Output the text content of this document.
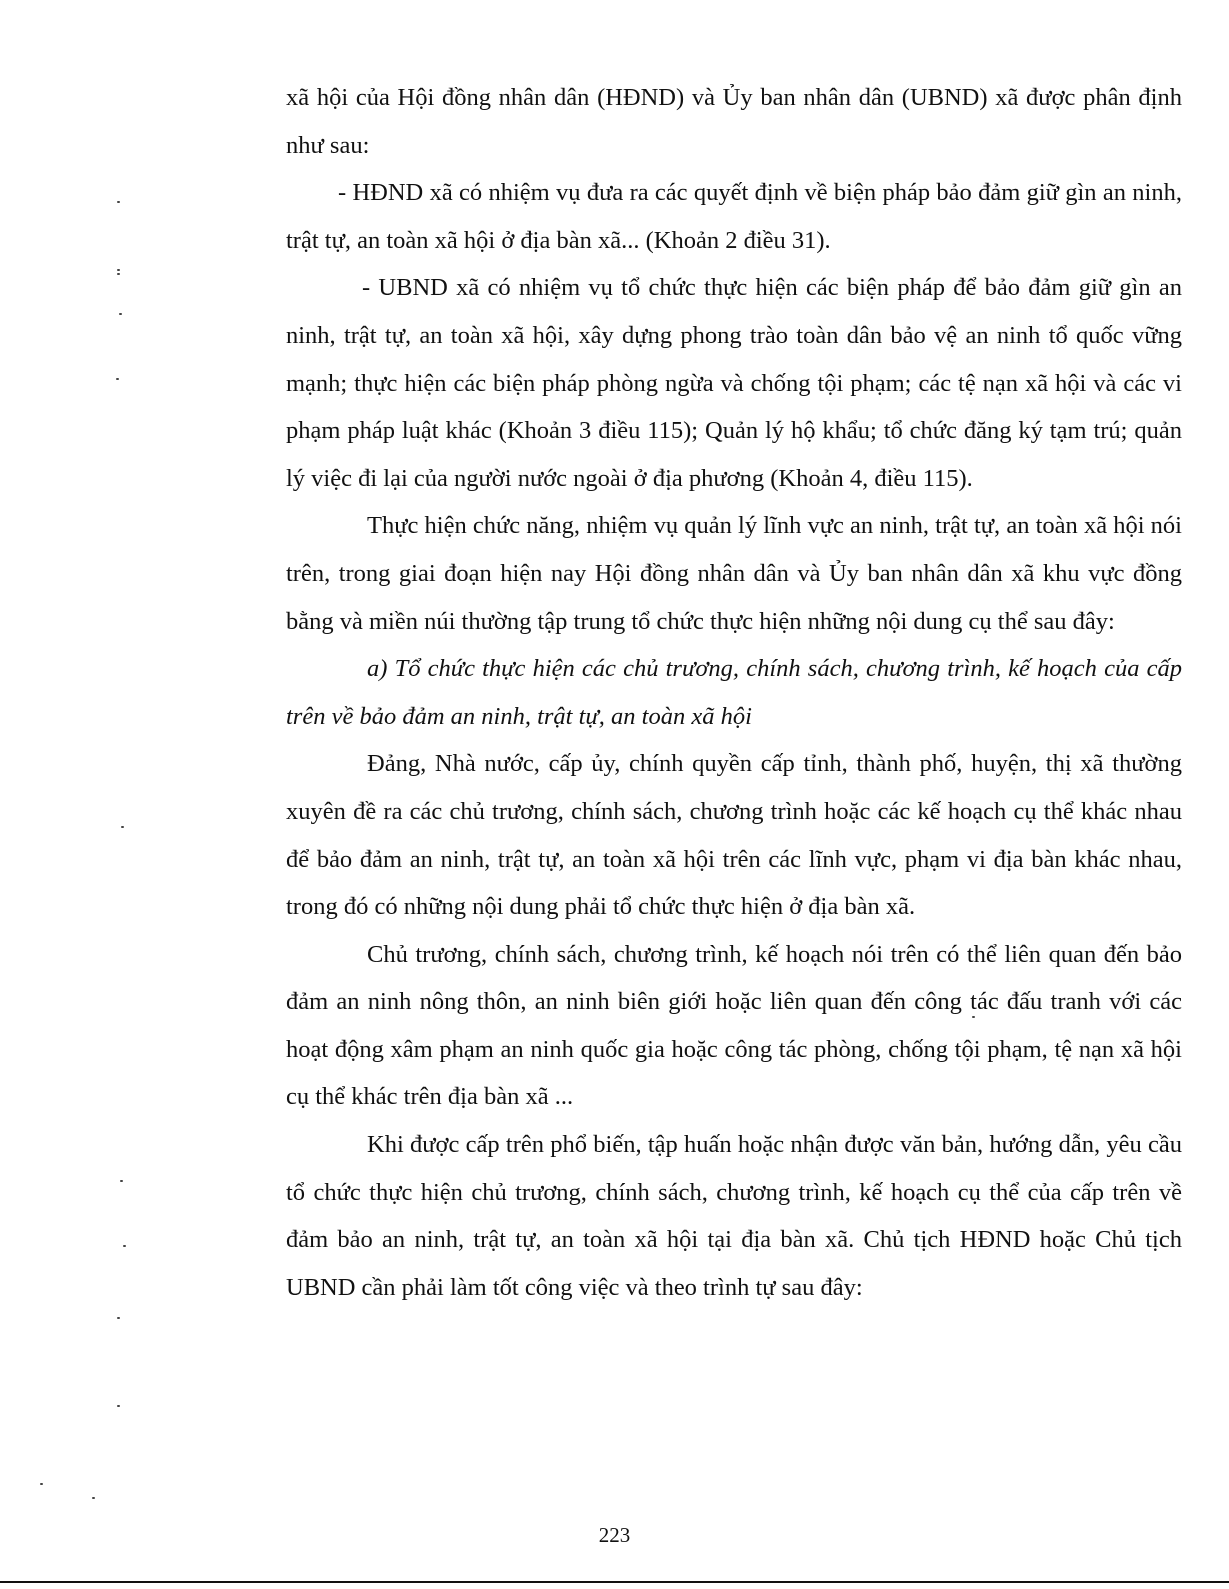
xã hội của Hội đồng nhân dân (HĐND) và Ủy ban nhân dân (UBND) xã được phân định như sau:

- HĐND xã có nhiệm vụ đưa ra các quyết định về biện pháp bảo đảm giữ gìn an ninh, trật tự, an toàn xã hội ở địa bàn xã... (Khoản 2 điều 31).

- UBND xã có nhiệm vụ tổ chức thực hiện các biện pháp để bảo đảm giữ gìn an ninh, trật tự, an toàn xã hội, xây dựng phong trào toàn dân bảo vệ an ninh tổ quốc vững mạnh; thực hiện các biện pháp phòng ngừa và chống tội phạm; các tệ nạn xã hội và các vi phạm pháp luật khác (Khoản 3 điều 115); Quản lý hộ khẩu; tổ chức đăng ký tạm trú; quản lý việc đi lại của người nước ngoài ở địa phương (Khoản 4, điều 115).

Thực hiện chức năng, nhiệm vụ quản lý lĩnh vực an ninh, trật tự, an toàn xã hội nói trên, trong giai đoạn hiện nay Hội đồng nhân dân và Ủy ban nhân dân xã khu vực đồng bằng và miền núi thường tập trung tổ chức thực hiện những nội dung cụ thể sau đây:

a) Tổ chức thực hiện các chủ trương, chính sách, chương trình, kế hoạch của cấp trên về bảo đảm an ninh, trật tự, an toàn xã hội

Đảng, Nhà nước, cấp ủy, chính quyền cấp tỉnh, thành phố, huyện, thị xã thường xuyên đề ra các chủ trương, chính sách, chương trình hoặc các kế hoạch cụ thể khác nhau để bảo đảm an ninh, trật tự, an toàn xã hội trên các lĩnh vực, phạm vi địa bàn khác nhau, trong đó có những nội dung phải tổ chức thực hiện ở địa bàn xã.

Chủ trương, chính sách, chương trình, kế hoạch nói trên có thể liên quan đến bảo đảm an ninh nông thôn, an ninh biên giới hoặc liên quan đến công tác đấu tranh với các hoạt động xâm phạm an ninh quốc gia hoặc công tác phòng, chống tội phạm, tệ nạn xã hội cụ thể khác trên địa bàn xã ...

Khi được cấp trên phổ biến, tập huấn hoặc nhận được văn bản, hướng dẫn, yêu cầu tổ chức thực hiện chủ trương, chính sách, chương trình, kế hoạch cụ thể của cấp trên về đảm bảo an ninh, trật tự, an toàn xã hội tại địa bàn xã. Chủ tịch HĐND hoặc Chủ tịch UBND cần phải làm tốt công việc và theo trình tự sau đây:

223
